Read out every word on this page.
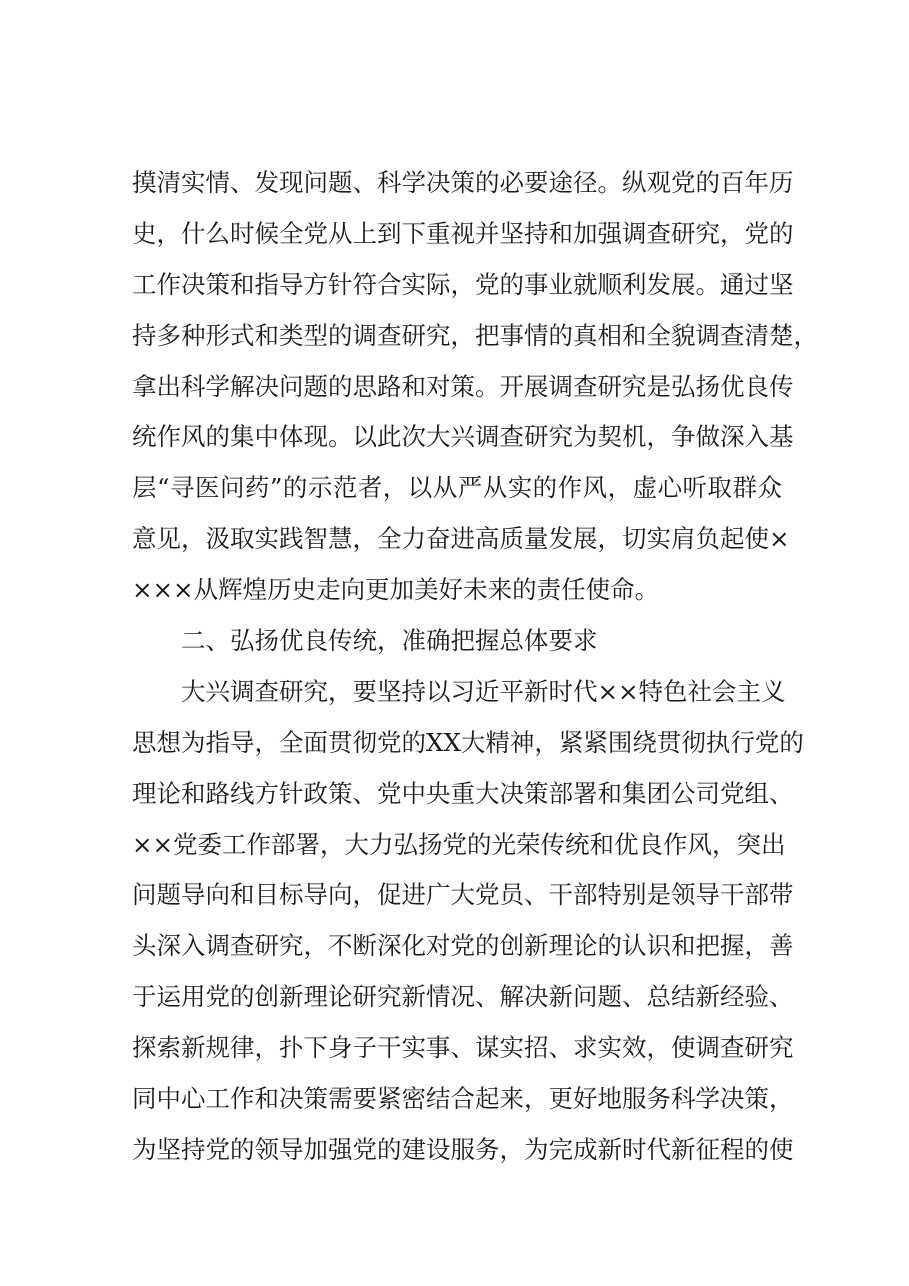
摸清实情、发现问题、科学决策的必要途径。纵观党的百年历
史，什么时候全党从上到下重视并坚持和加强调查研究，党的
工作决策和指导方针符合实际，党的事业就顺利发展。通过坚
持多种形式和类型的调查研究，把事情的真相和全貌调查清楚，
拿出科学解决问题的思路和对策。开展调查研究是弘扬优良传
统作风的集中体现。以此次大兴调查研究为契机，争做深入基
层“寻医问药”的示范者，以从严从实的作风，虚心听取群众
意见，汲取实践智慧，全力奋进高质量发展，切实肩负起使×
×××从辉煌历史走向更加美好未来的责任使命。
二、弘扬优良传统，准确把握总体要求
大兴调查研究，要坚持以习近平新时代××特色社会主义
思想为指导，全面贯彻党的XX大精神，紧紧围绕贯彻执行党的
理论和路线方针政策、党中央重大决策部署和集团公司党组、
××党委工作部署，大力弘扬党的光荣传统和优良作风，突出
问题导向和目标导向，促进广大党员、干部特别是领导干部带
头深入调查研究，不断深化对党的创新理论的认识和把握，善
于运用党的创新理论研究新情况、解决新问题、总结新经验、
探索新规律，扑下身子干实事、谋实招、求实效，使调查研究
同中心工作和决策需要紧密结合起来，更好地服务科学决策，
为坚持党的领导加强党的建设服务，为完成新时代新征程的使
